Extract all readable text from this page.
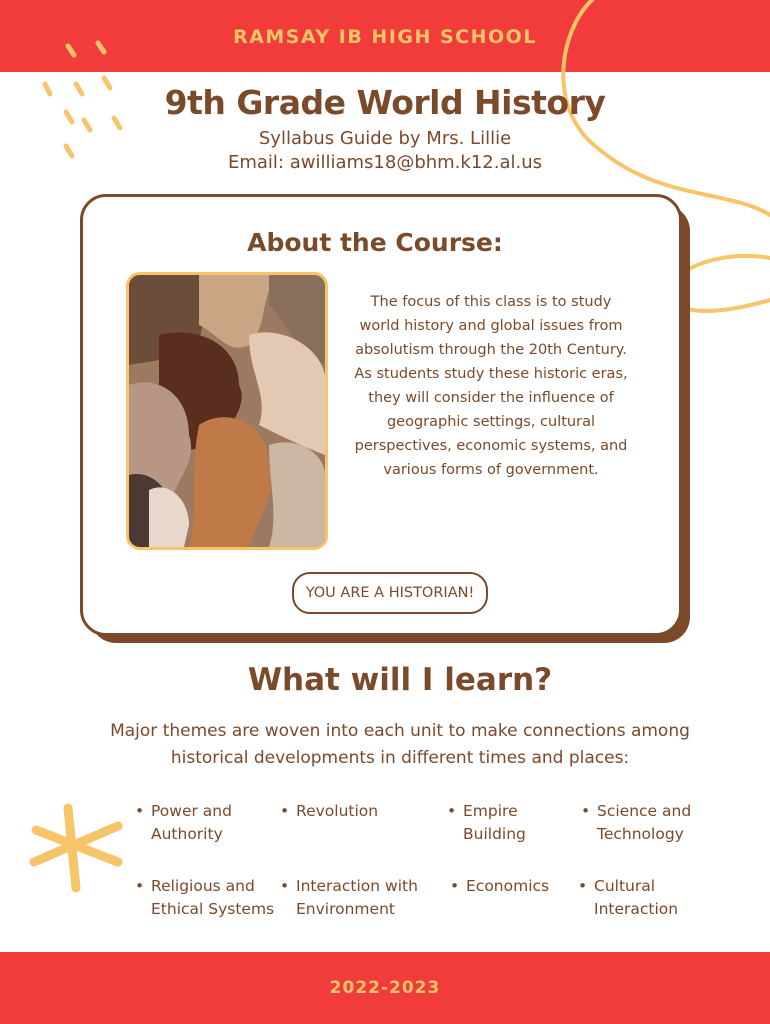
RAMSAY IB HIGH SCHOOL
9th Grade World History
Syllabus Guide by Mrs. Lillie
Email: awilliams18@bhm.k12.al.us
About the Course:
The focus of this class is to study world history and global issues from absolutism through the 20th Century. As students study these historic eras, they will consider the influence of geographic settings, cultural perspectives, economic systems, and various forms of government.
YOU ARE A HISTORIAN!
What will I learn?
Major themes are woven into each unit to make connections among historical developments in different times and places:
• Power and Authority
• Revolution	• Empire Building
• Science and Technology
• Religious and Ethical Systems
• Interaction with Environment
• Economics	• Cultural Interaction
2022-2023
